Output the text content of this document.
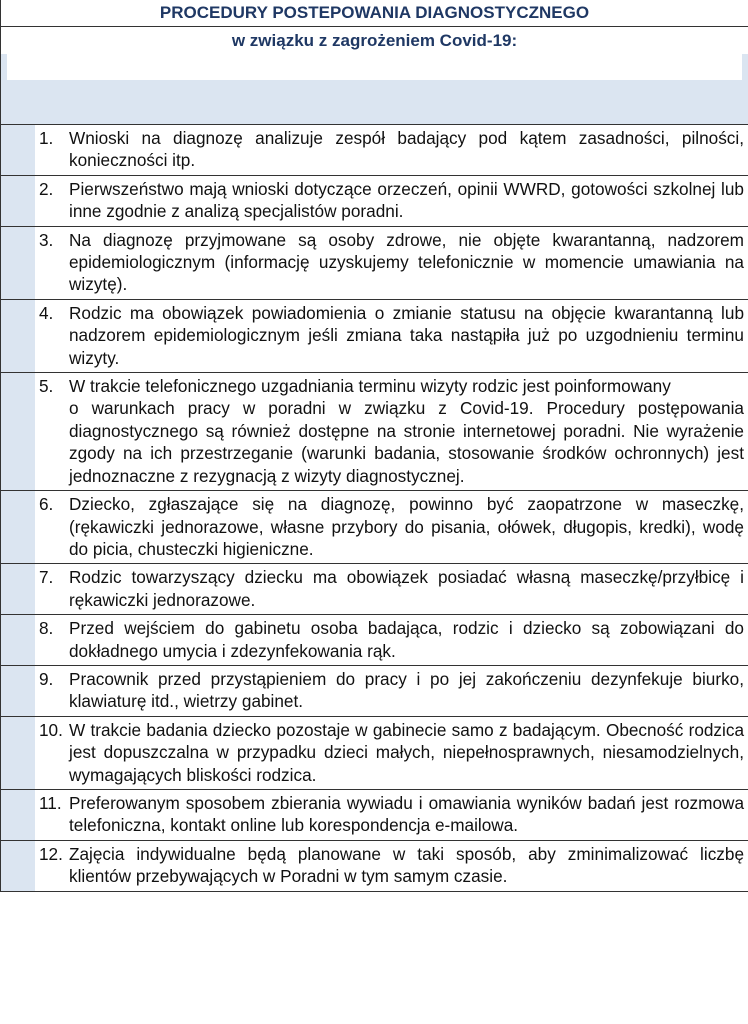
PROCEDURY POSTEPOWANIA DIAGNOSTYCZNEGO
w związku z zagrożeniem Covid-19:
1. Wnioski na diagnozę analizuje zespół badający pod kątem zasadności, pilności, konieczności itp.

2. Pierwszeństwo mają wnioski dotyczące orzeczeń, opinii WWRD, gotowości szkolnej lub inne zgodnie z analizą specjalistów poradni.

3. Na diagnozę przyjmowane są osoby zdrowe, nie objęte kwarantanną, nadzorem epidemiologicznym (informację uzyskujemy telefonicznie w momencie umawiania na wizytę).

4. Rodzic ma obowiązek powiadomienia o zmianie statusu na objęcie kwarantanną lub nadzorem epidemiologicznym jeśli zmiana taka nastąpiła już po uzgodnieniu terminu wizyty.

5. W trakcie telefonicznego uzgadniania terminu wizyty rodzic jest poinformowany

o warunkach pracy w poradni w związku z Covid-19. Procedury postępowania diagnostycznego są również dostępne na stronie internetowej poradni. Nie wyrażenie zgody na ich przestrzeganie (warunki badania, stosowanie środków ochronnych) jest jednoznaczne z rezygnacją z wizyty diagnostycznej.

6. Dziecko, zgłaszające się na diagnozę, powinno być zaopatrzone w maseczkę, (rękawiczki jednorazowe, własne przybory do pisania, ołówek, długopis, kredki), wodę do picia, chusteczki higieniczne.

7. Rodzic towarzyszący dziecku ma obowiązek posiadać własną maseczkę/przyłbicę i rękawiczki jednorazowe.

8. Przed wejściem do gabinetu osoba badająca, rodzic i dziecko są zobowiązani do dokładnego umycia i zdezynfekowania rąk.

9. Pracownik przed przystąpieniem do pracy i po jej zakończeniu dezynfekuje biurko, klawiaturę itd., wietrzy gabinet.

10. W trakcie badania dziecko pozostaje w gabinecie samo z badającym. Obecność rodzica jest dopuszczalna w przypadku dzieci małych, niepełnosprawnych, niesamodzielnych, wymagających bliskości rodzica.

11. Preferowanym sposobem zbierania wywiadu i omawiania wyników badań jest rozmowa telefoniczna, kontakt online lub korespondencja e-mailowa.

12. Zajęcia indywidualne będą planowane w taki sposób, aby zminimalizować liczbę klientów przebywających w Poradni w tym samym czasie.
